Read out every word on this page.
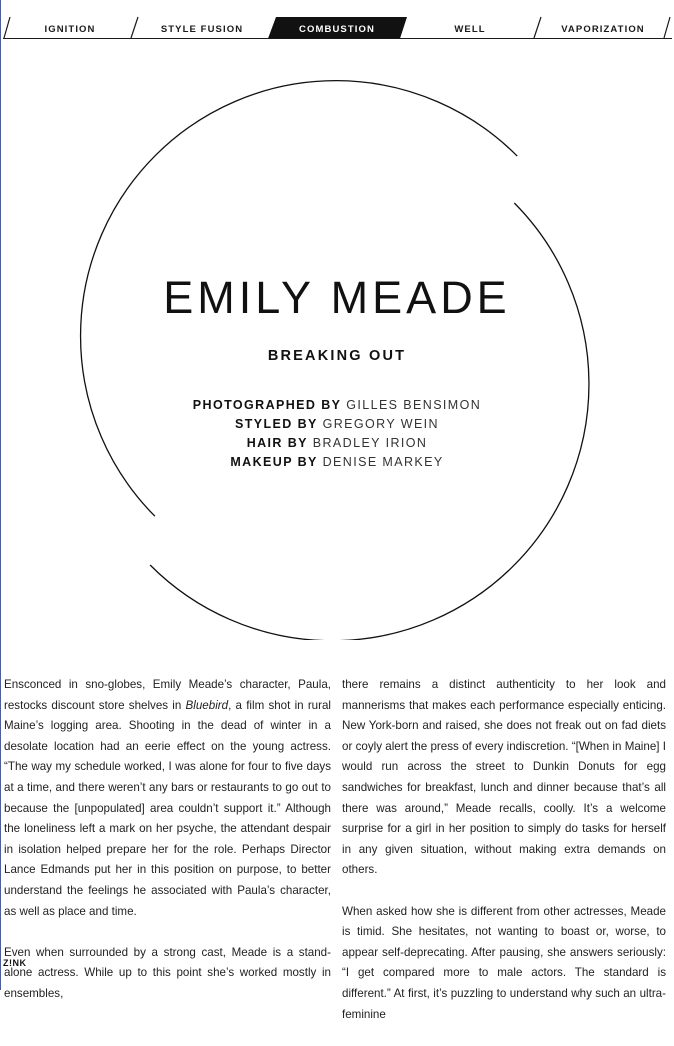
IGNITION	STYLE FUSION	COMBUSTION	WELL	VAPORIZATION
EMILY MEADE
BREAKING OUT
PHOTOGRAPHED BY GILLES BENSIMON
STYLED BY GREGORY WEIN
HAIR BY BRADLEY IRION
MAKEUP BY DENISE MARKEY

Ensconced in sno-globes, Emily Meade’s character, Paula, restocks discount store shelves in Bluebird, a film shot in rural Maine’s logging area. Shooting in the dead of winter in a desolate location had an eerie effect on the young actress. “The way my schedule worked, I was alone for four to five days at a time, and there weren’t any bars or restaurants to go out to because the [unpopulated] area couldn’t support it.” Although the loneliness left a mark on her psyche, the attendant despair in isolation helped prepare her for the role. Perhaps Director Lance Edmands put her in this position on purpose, to better understand the feelings he associated with Paula’s character, as well as place and time.

Even when surrounded by a strong cast, Meade is a stand-alone actress. While up to this point she’s worked mostly in ensembles,

there remains a distinct authenticity to her look and mannerisms that makes each performance especially enticing. New York-born and raised, she does not freak out on fad diets or coyly alert the press of every indiscretion. “[When in Maine] I would run across the street to Dunkin Donuts for egg sandwiches for breakfast, lunch and dinner because that’s all there was around,” Meade recalls, coolly. It’s a welcome surprise for a girl in her position to simply do tasks for herself in any given situation, without making extra demands on others.

When asked how she is different from other actresses, Meade is timid. She hesitates, not wanting to boast or, worse, to appear self-deprecating. After pausing, she answers seriously: “I get compared more to male actors. The standard is different.” At first, it’s puzzling to understand why such an ultra-feminine

Z!NK
